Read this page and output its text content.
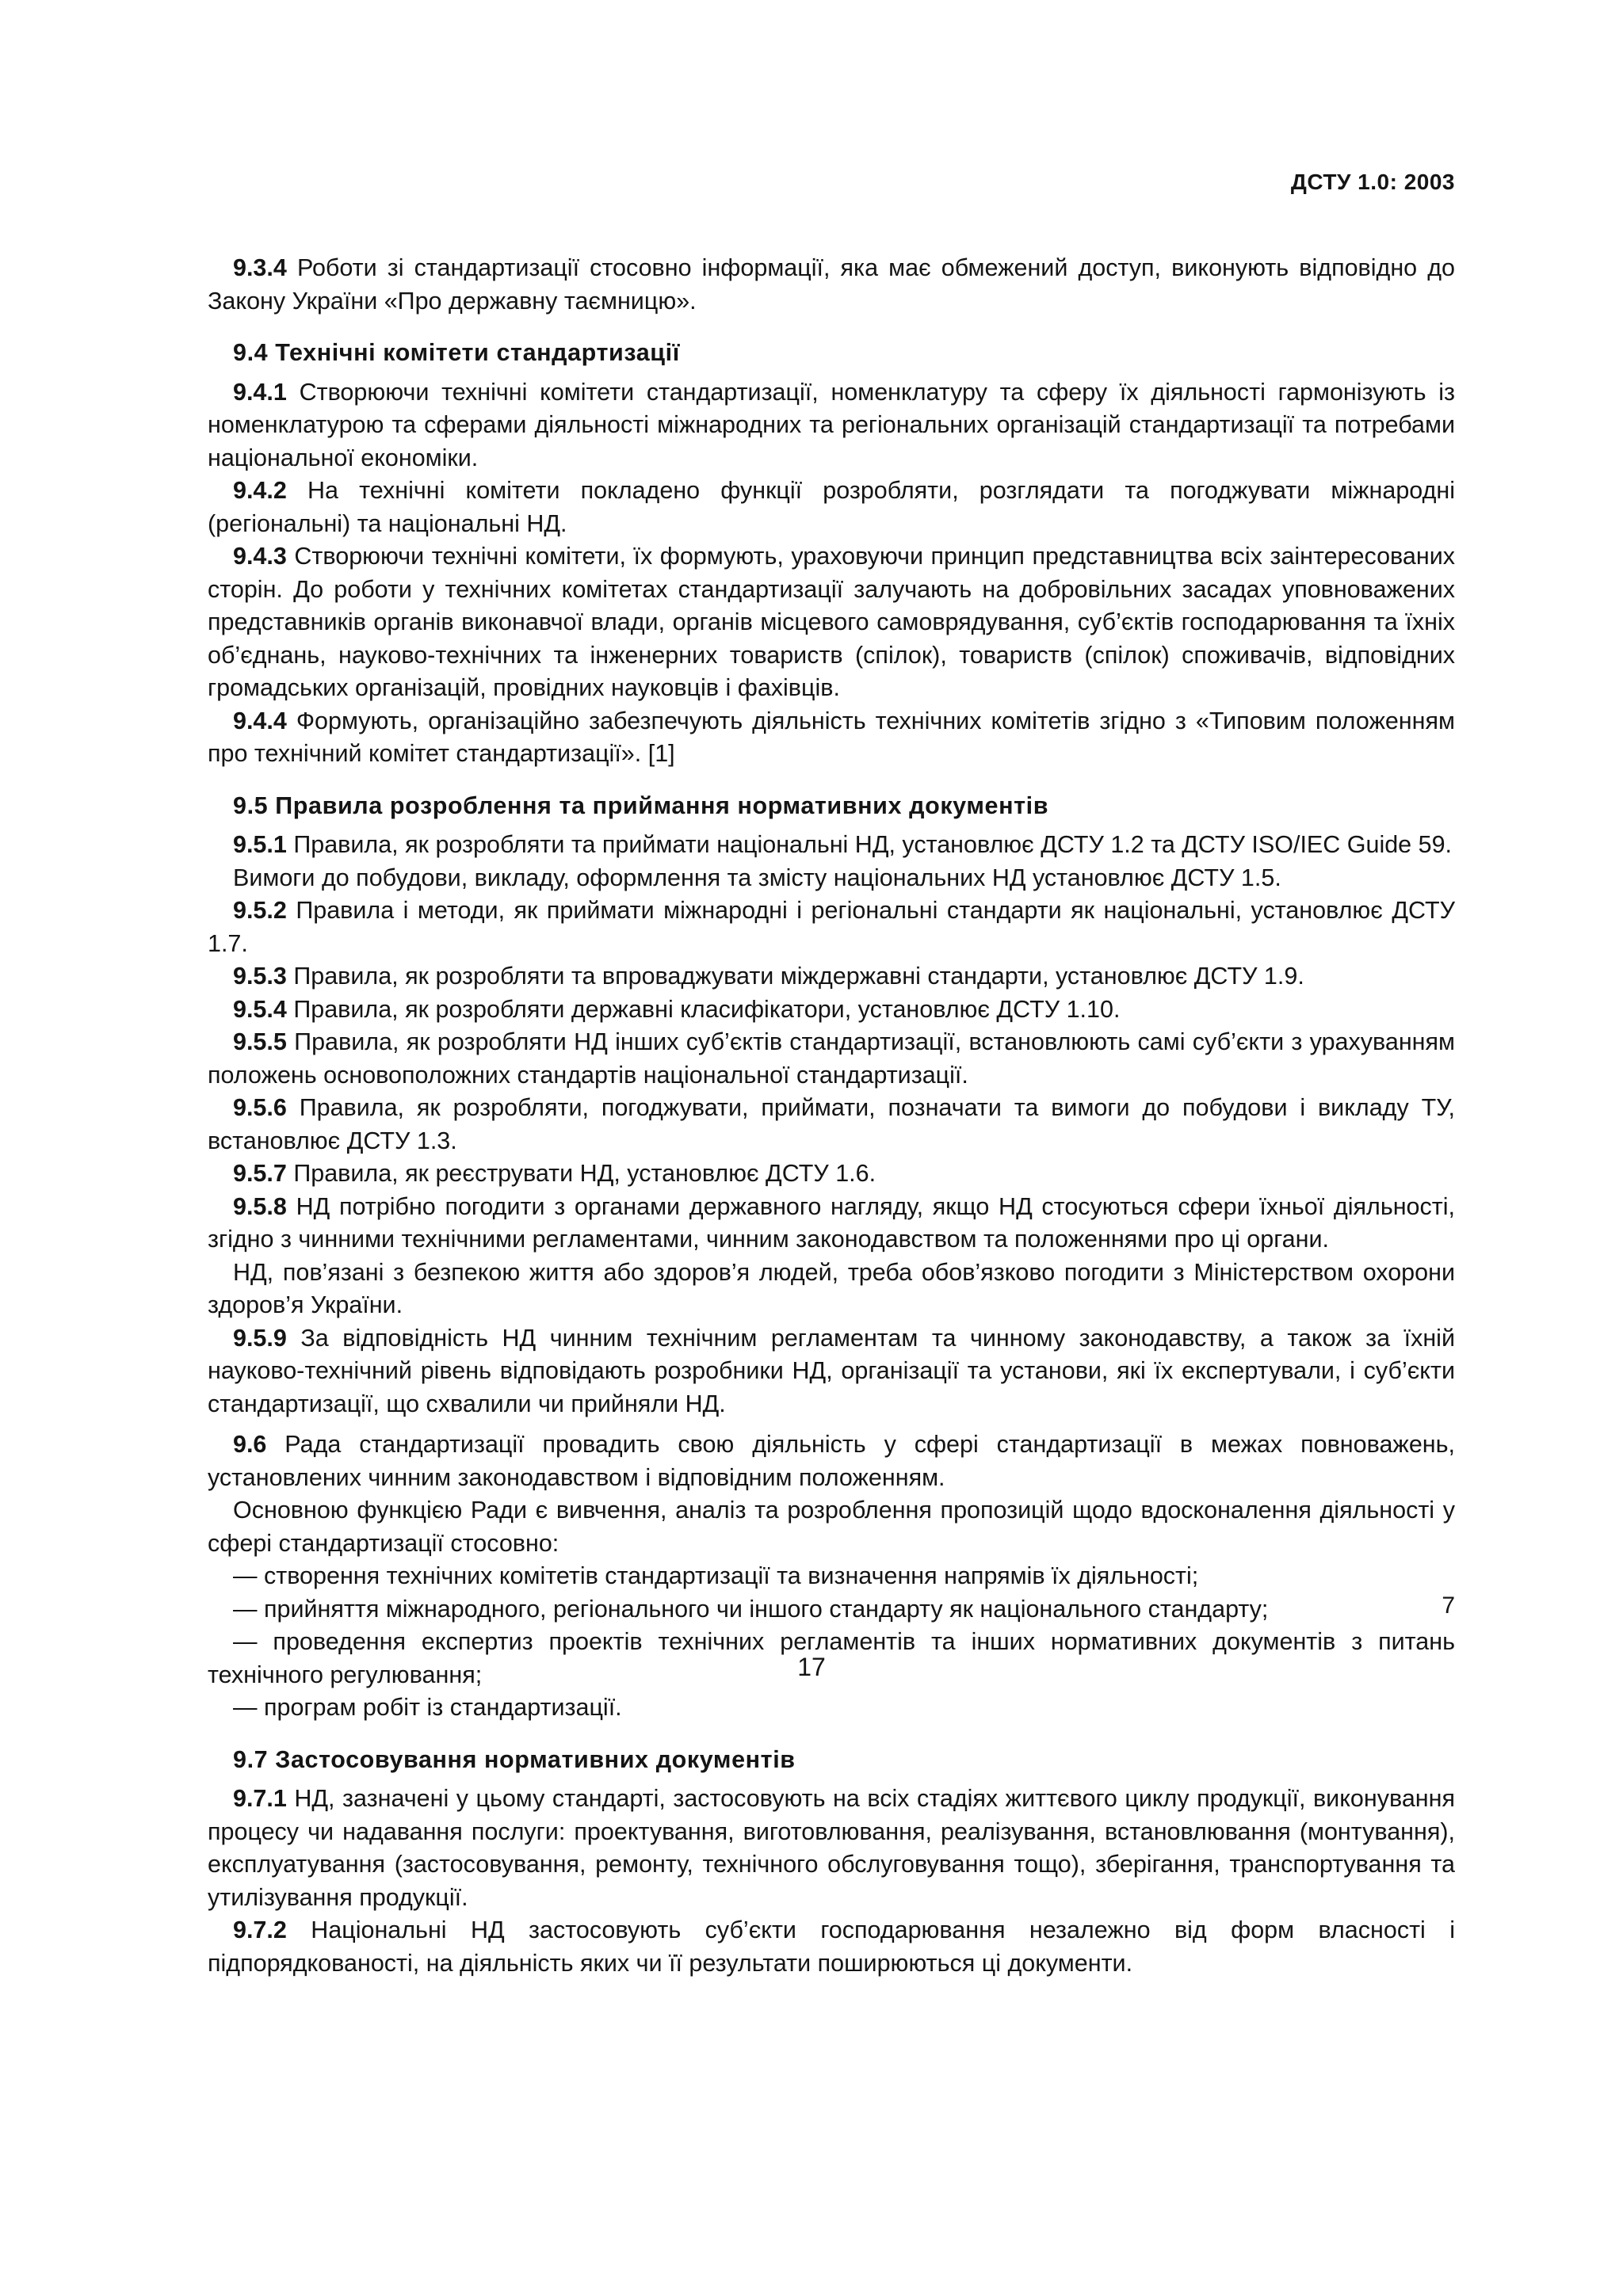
ДСТУ 1.0: 2003

9.3.4 Роботи зі стандартизації стосовно інформації, яка має обмежений доступ, виконують відповідно до Закону України «Про державну таємницю».

9.4 Технічні комітети стандартизації

9.4.1 Створюючи технічні комітети стандартизації, номенклатуру та сферу їх діяльності гармонізують із номенклатурою та сферами діяльності міжнародних та регіональних організацій стандартизації та потребами національної економіки.

9.4.2 На технічні комітети покладено функції розробляти, розглядати та погоджувати міжнародні (регіональні) та національні НД.

9.4.3 Створюючи технічні комітети, їх формують, ураховуючи принцип представництва всіх заінтересованих сторін. До роботи у технічних комітетах стандартизації залучають на добровільних засадах уповноважених представників органів виконавчої влади, органів місцевого самоврядування, суб’єктів господарювання та їхніх об’єднань, науково-технічних та інженерних товариств (спілок), товариств (спілок) споживачів, відповідних громадських організацій, провідних науковців і фахівців.

9.4.4 Формують, організаційно забезпечують діяльність технічних комітетів згідно з «Типовим положенням про технічний комітет стандартизації». [1]

9.5 Правила розроблення та приймання нормативних документів

9.5.1 Правила, як розробляти та приймати національні НД, установлює ДСТУ 1.2 та ДСТУ ISO/IEC Guide 59.

Вимоги до побудови, викладу, оформлення та змісту національних НД установлює ДСТУ 1.5.

9.5.2 Правила і методи, як приймати міжнародні і регіональні стандарти як національні, установлює ДСТУ 1.7.

9.5.3 Правила, як розробляти та впроваджувати міждержавні стандарти, установлює ДСТУ 1.9.

9.5.4 Правила, як розробляти державні класифікатори, установлює ДСТУ 1.10.

9.5.5 Правила, як розробляти НД інших суб’єктів стандартизації, встановлюють самі суб’єкти з урахуванням положень основоположних стандартів національної стандартизації.

9.5.6 Правила, як розробляти, погоджувати, приймати, позначати та вимоги до побудови і викладу ТУ, встановлює ДСТУ 1.3.

9.5.7 Правила, як реєструвати НД, установлює ДСТУ 1.6.

9.5.8 НД потрібно погодити з органами державного нагляду, якщо НД стосуються сфери їхньої діяльності, згідно з чинними технічними регламентами, чинним законодавством та положеннями про ці органи.

НД, пов’язані з безпекою життя або здоров’я людей, треба обов’язково погодити з Міністерством охорони здоров’я України.

9.5.9 За відповідність НД чинним технічним регламентам та чинному законодавству, а також за їхній науково-технічний рівень відповідають розробники НД, організації та установи, які їх експертували, і суб’єкти стандартизації, що схвалили чи прийняли НД.

9.6 Рада стандартизації провадить свою діяльність у сфері стандартизації в межах повноважень, установлених чинним законодавством і відповідним положенням.

Основною функцією Ради є вивчення, аналіз та розроблення пропозицій щодо вдосконалення діяльності у сфері стандартизації стосовно:

— створення технічних комітетів стандартизації та визначення напрямів їх діяльності;

— прийняття міжнародного, регіонального чи іншого стандарту як національного стандарту;

— проведення експертиз проектів технічних регламентів та інших нормативних документів з питань технічного регулювання;

— програм робіт із стандартизації.

9.7 Застосовування нормативних документів

9.7.1 НД, зазначені у цьому стандарті, застосовують на всіх стадіях життєвого циклу продукції, виконування процесу чи надавання послуги: проектування, виготовлювання, реалізування, встановлювання (монтування), експлуатування (застосовування, ремонту, технічного обслуговування тощо), зберігання, транспортування та утилізування продукції.

9.7.2 Національні НД застосовують суб’єкти господарювання незалежно від форм власності і підпорядкованості, на діяльність яких чи її результати поширюються ці документи.

7
17
